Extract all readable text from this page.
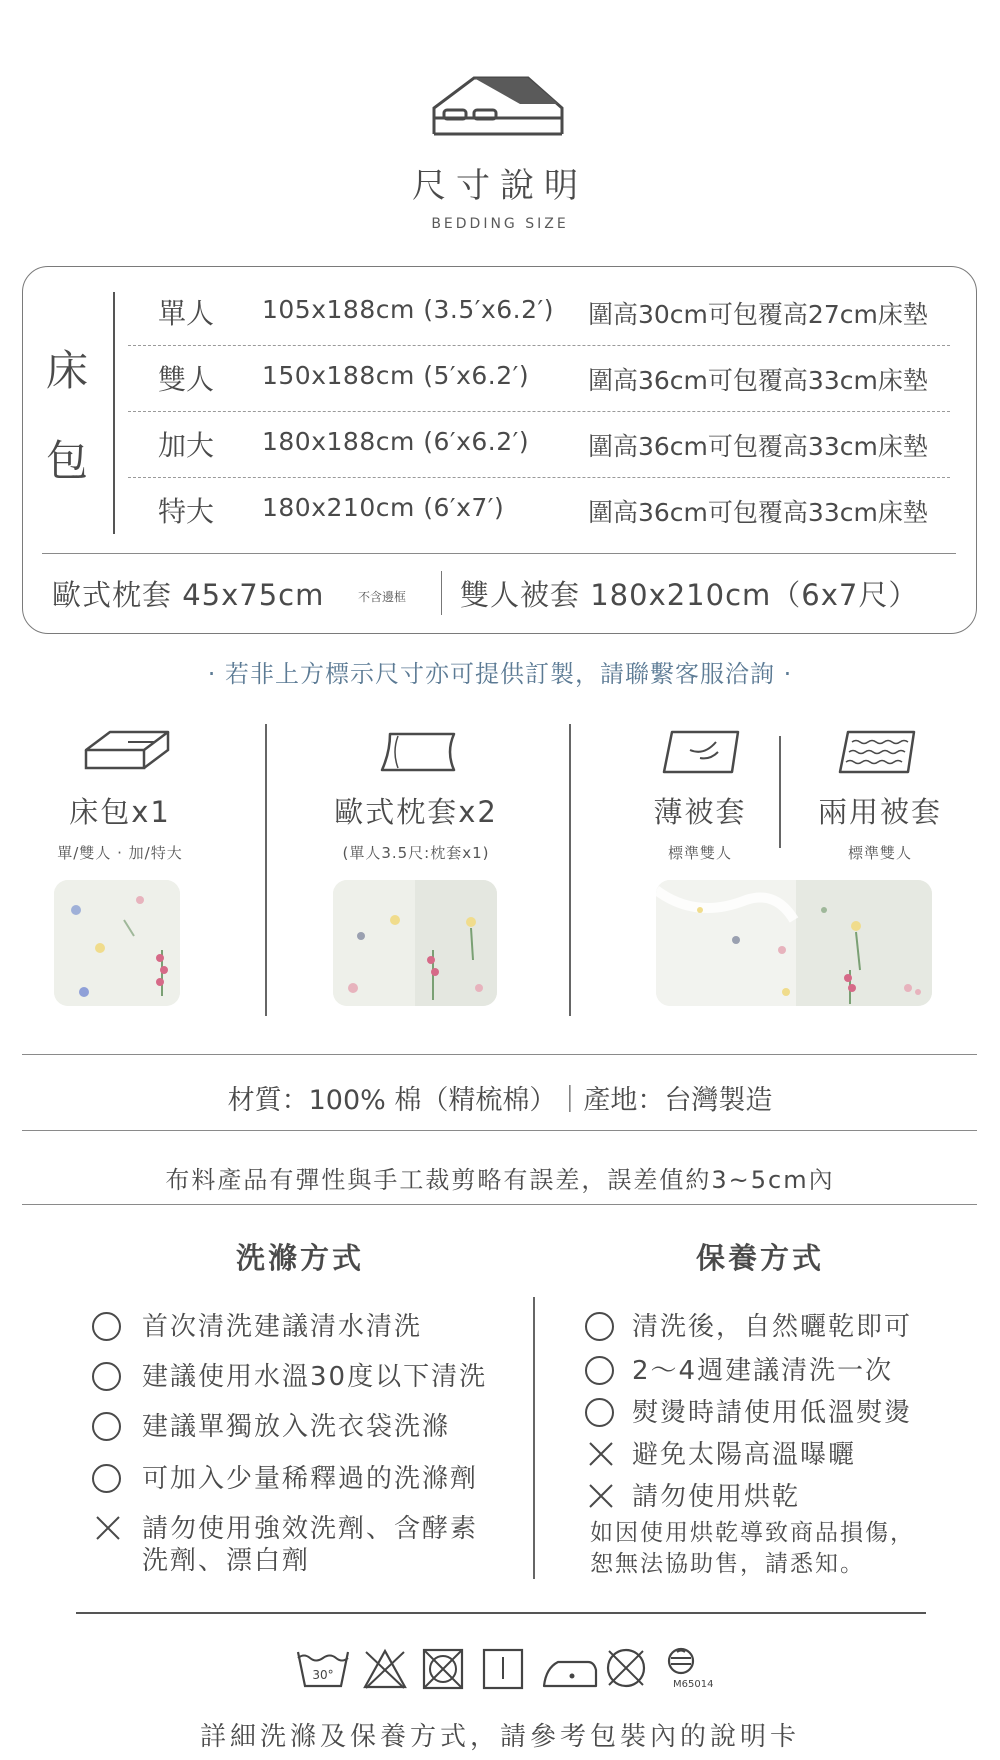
尺寸說明
BEDDING SIZE
床
包
單人 105x188cm (3.5′x6.2′) 圍高30cm可包覆高27cm床墊
雙人 150x188cm (5′x6.2′) 圍高36cm可包覆高33cm床墊
加大 180x188cm (6′x6.2′) 圍高36cm可包覆高33cm床墊
特大 180x210cm (6′x7′)	圍高36cm可包覆高33cm床墊
歐式枕套 45x75cm	不含邊框 雙人被套 180x210cm（6x7尺）
· 若非上方標示尺寸亦可提供訂製，請聯繫客服洽詢 ·
床包x1
單/雙人 · 加/特大
歐式枕套x2
(單人3.5尺:枕套x1)
薄被套
標準雙人
兩用被套
標準雙人
材質：100% 棉（精梳棉）｜產地：台灣製造
布料產品有彈性與手工裁剪略有誤差，誤差值約3~5cm內
洗滌方式	保養方式
首次清洗建議清水清洗
建議使用水溫30度以下清洗
建議單獨放入洗衣袋洗滌
可加入少量稀釋過的洗滌劑
請勿使用強效洗劑、含酵素
洗劑、漂白劑
清洗後，自然曬乾即可
2～4週建議清洗一次
熨燙時請使用低溫熨燙
避免太陽高溫曝曬
請勿使用烘乾
如因使用烘乾導致商品損傷，
恕無法協助售，請悉知。
30°
M65014
詳細洗滌及保養方式，請參考包裝內的說明卡
